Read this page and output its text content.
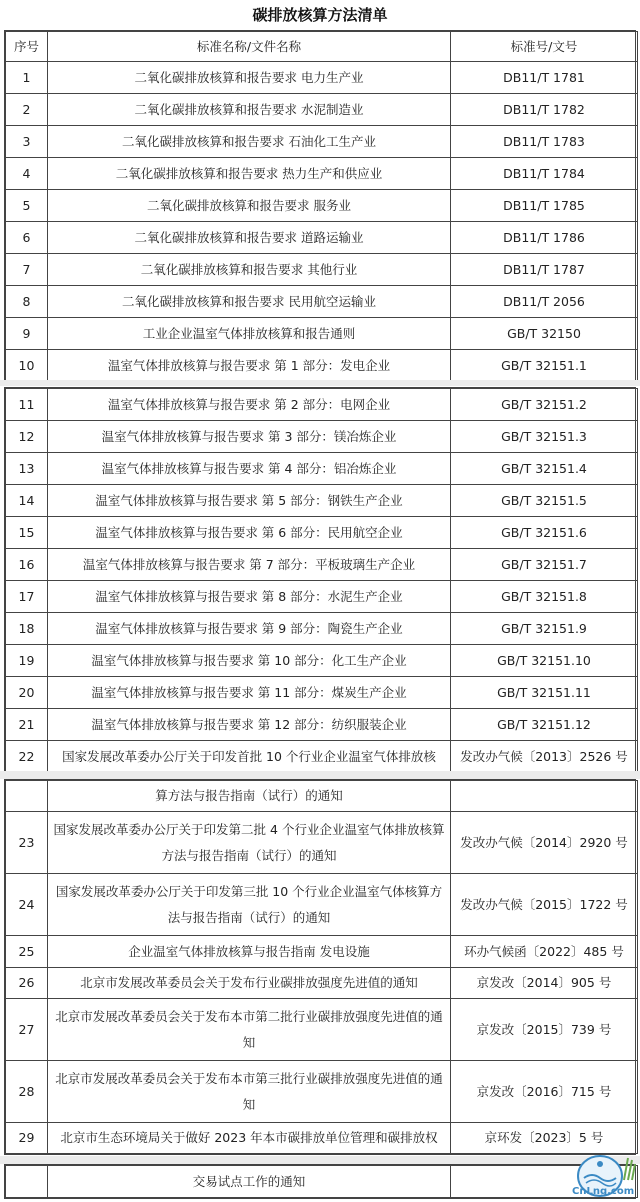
碳排放核算方法清单
序号	标准名称/文件名称	标准号/文号
1	二氧化碳排放核算和报告要求 电力生产业	DB11/T 1781
2	二氧化碳排放核算和报告要求 水泥制造业	DB11/T 1782
3	二氧化碳排放核算和报告要求 石油化工生产业	DB11/T 1783
4	二氧化碳排放核算和报告要求 热力生产和供应业	DB11/T 1784
5	二氧化碳排放核算和报告要求 服务业	DB11/T 1785
6	二氧化碳排放核算和报告要求 道路运输业	DB11/T 1786
7	二氧化碳排放核算和报告要求 其他行业	DB11/T 1787
8	二氧化碳排放核算和报告要求 民用航空运输业	DB11/T 2056
9	工业企业温室气体排放核算和报告通则	GB/T 32150
10	温室气体排放核算与报告要求 第 1 部分：发电企业	GB/T 32151.1
11	温室气体排放核算与报告要求 第 2 部分：电网企业	GB/T 32151.2
12	温室气体排放核算与报告要求 第 3 部分：镁冶炼企业	GB/T 32151.3
13	温室气体排放核算与报告要求 第 4 部分：铝冶炼企业	GB/T 32151.4
14	温室气体排放核算与报告要求 第 5 部分：钢铁生产企业	GB/T 32151.5
15	温室气体排放核算与报告要求 第 6 部分：民用航空企业	GB/T 32151.6
16	温室气体排放核算与报告要求 第 7 部分：平板玻璃生产企业	GB/T 32151.7
17	温室气体排放核算与报告要求 第 8 部分：水泥生产企业	GB/T 32151.8
18	温室气体排放核算与报告要求 第 9 部分：陶瓷生产企业	GB/T 32151.9
19	温室气体排放核算与报告要求 第 10 部分：化工生产企业	GB/T 32151.10
20	温室气体排放核算与报告要求 第 11 部分：煤炭生产企业	GB/T 32151.11
21	温室气体排放核算与报告要求 第 12 部分：纺织服装企业	GB/T 32151.12
22	国家发展改革委办公厅关于印发首批 10 个行业企业温室气体排放核	发改办气候〔2013〕2526 号
	算方法与报告指南（试行）的通知	
23	国家发展改革委办公厅关于印发第二批 4 个行业企业温室气体排放核算方法与报告指南（试行）的通知	发改办气候〔2014〕2920 号
24	国家发展改革委办公厅关于印发第三批 10 个行业企业温室气体核算方法与报告指南（试行）的通知	发改办气候〔2015〕1722 号
25	企业温室气体排放核算与报告指南 发电设施	环办气候函〔2022〕485 号
26	北京市发展改革委员会关于发布行业碳排放强度先进值的通知	京发改〔2014〕905 号
27	北京市发展改革委员会关于发布本市第二批行业碳排放强度先进值的通知	京发改〔2015〕739 号
28	北京市发展改革委员会关于发布本市第三批行业碳排放强度先进值的通知	京发改〔2016〕715 号
29	北京市生态环境局关于做好 2023 年本市碳排放单位管理和碳排放权	京环发〔2023〕5 号
	交易试点工作的通知	
CnLng.com
